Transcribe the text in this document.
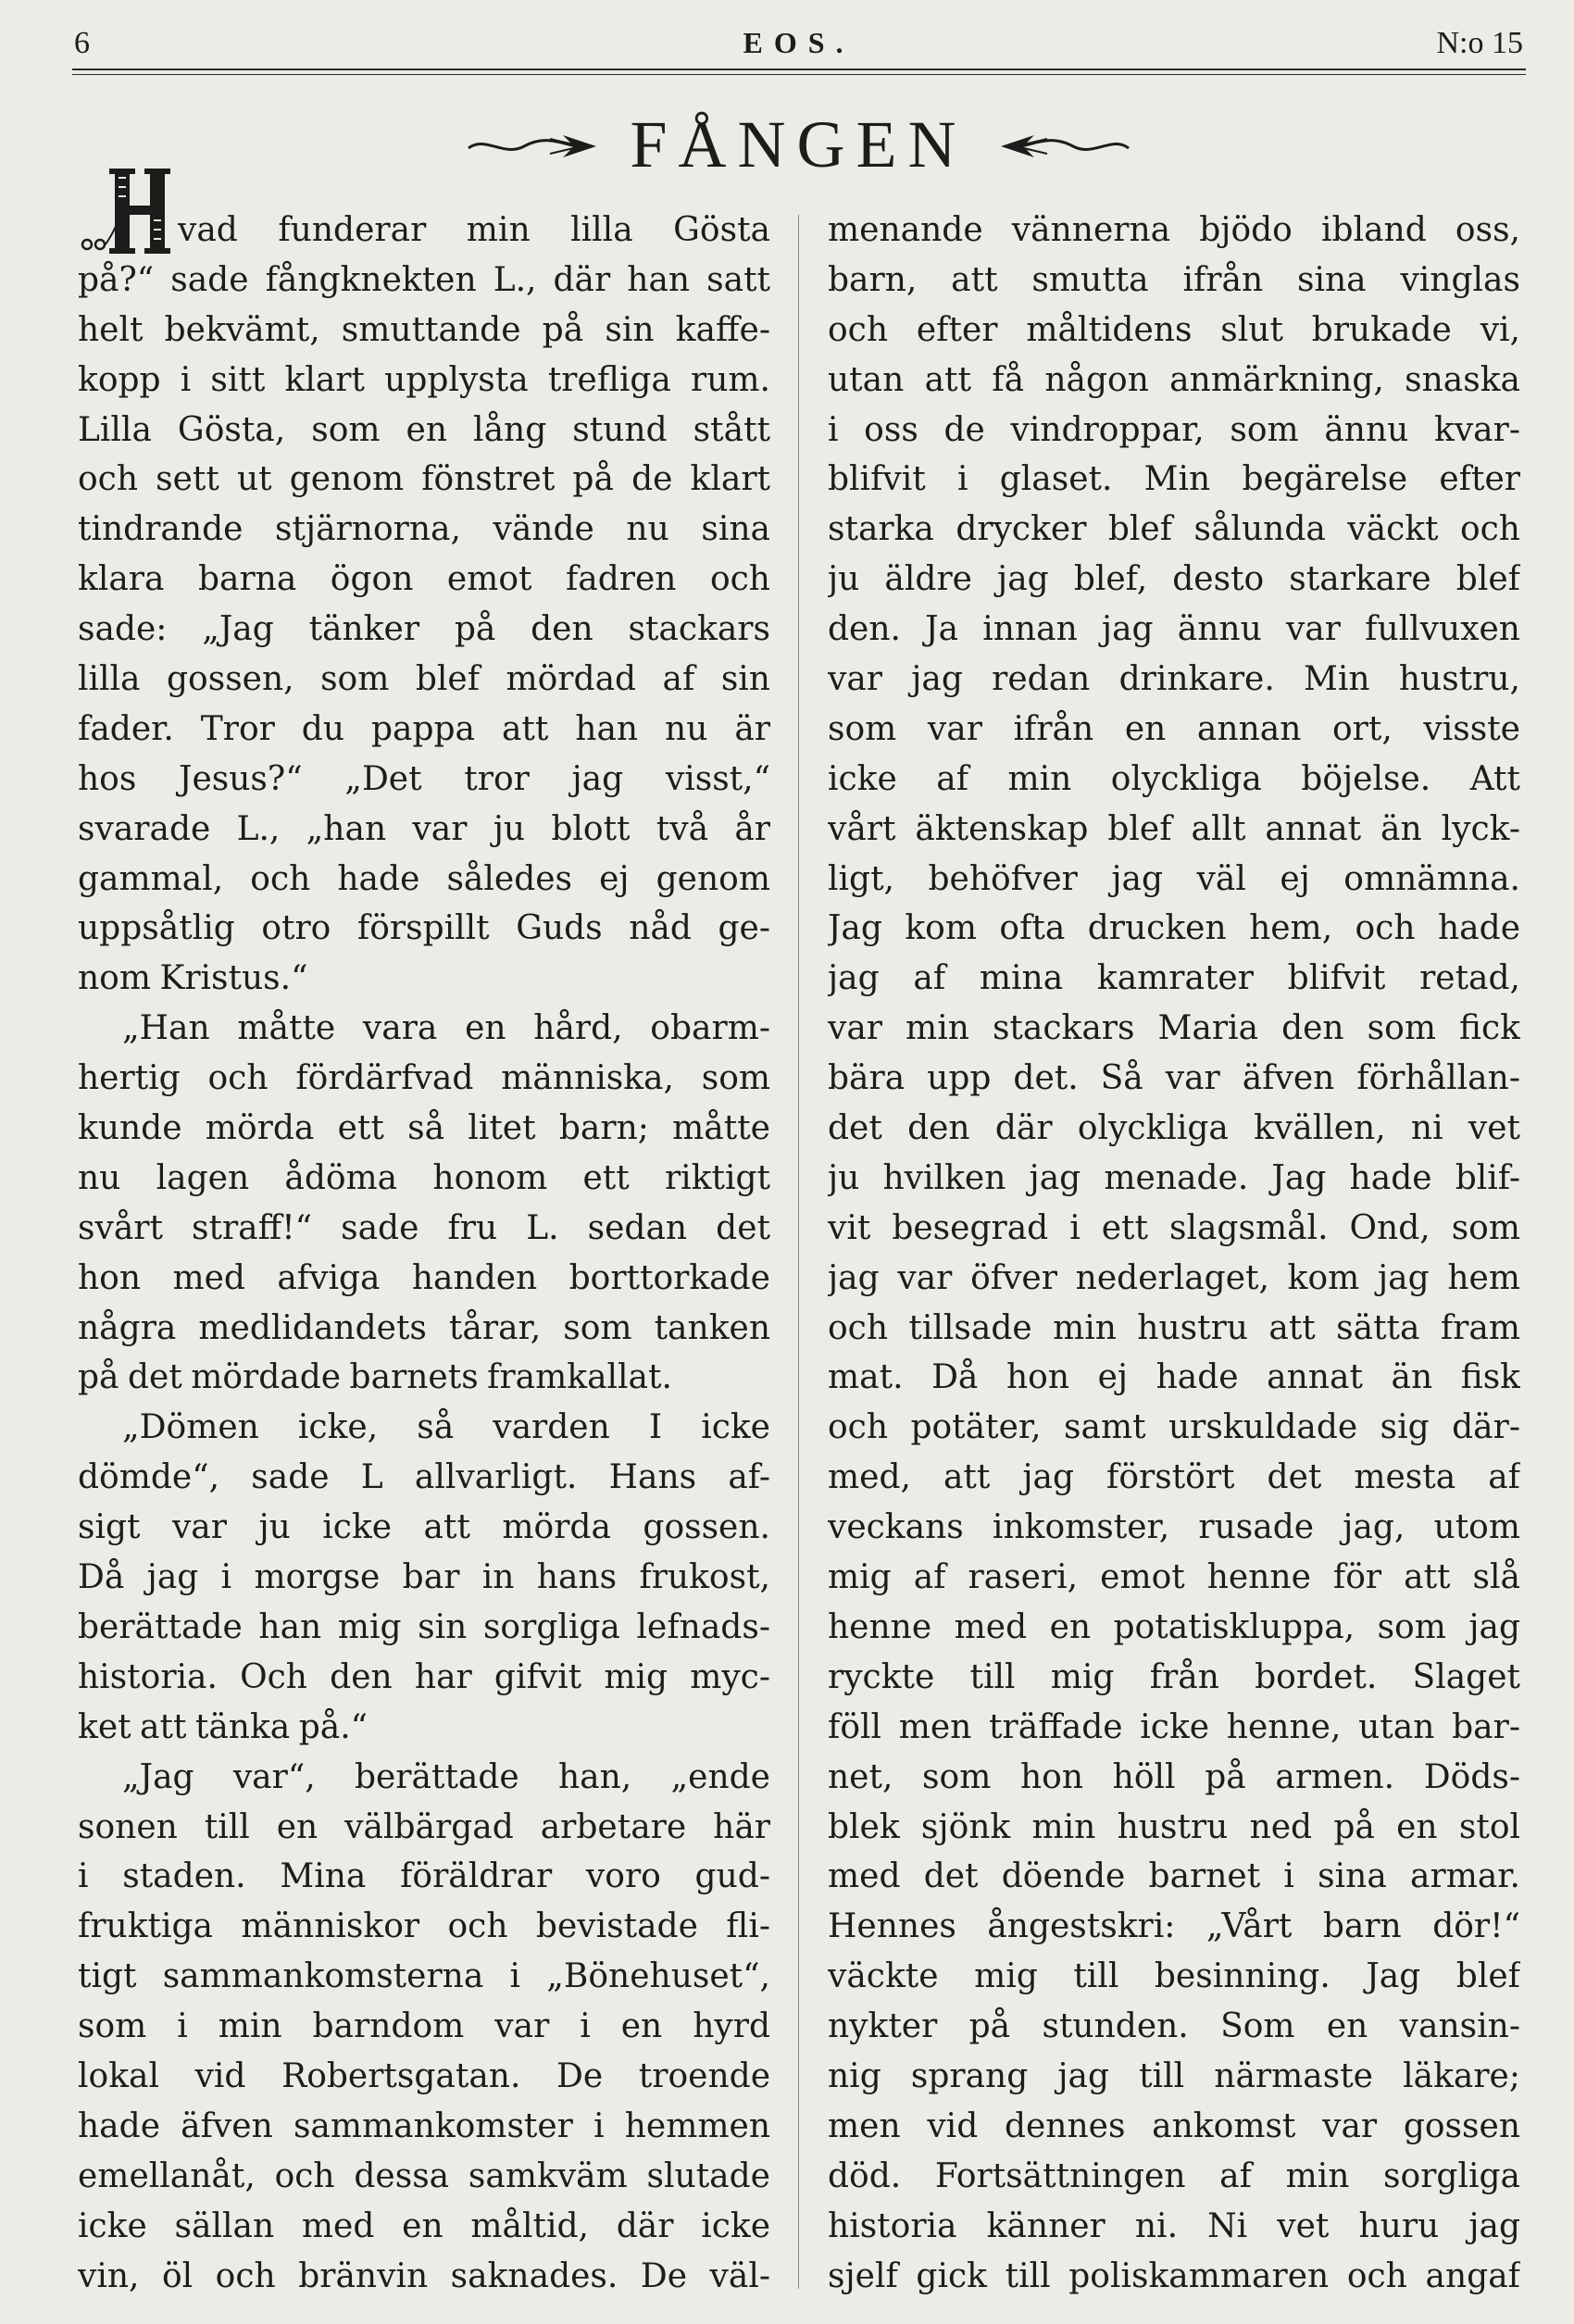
6	EOS.	N:o 15
FÅNGEN
vad funderar min lilla Gösta
på?“ sade fångknekten L., där han satt
helt bekvämt, smuttande på sin kaffe-
kopp i sitt klart upplysta trefliga rum.
Lilla Gösta, som en lång stund stått
och sett ut genom fönstret på de klart
tindrande stjärnorna, vände nu sina
klara barna ögon emot fadren och
sade: „Jag tänker på den stackars
lilla gossen, som blef mördad af sin
fader. Tror du pappa att han nu är
hos Jesus?“ „Det tror jag visst,“
svarade L., „han var ju blott två år
gammal, och hade således ej genom
uppsåtlig otro förspillt Guds nåd ge-
nom Kristus.“
„Han måtte vara en hård, obarm-
hertig och fördärfvad människa, som
kunde mörda ett så litet barn; måtte
nu lagen ådöma honom ett riktigt
svårt straff!“ sade fru L. sedan det
hon med afviga handen borttorkade
några medlidandets tårar, som tanken
på det mördade barnets framkallat.
„Dömen icke, så varden I icke
dömde“, sade L allvarligt. Hans af-
sigt var ju icke att mörda gossen.
Då jag i morgse bar in hans frukost,
berättade han mig sin sorgliga lefnads-
historia. Och den har gifvit mig myc-
ket att tänka på.“
„Jag var“, berättade han, „ende
sonen till en välbärgad arbetare här
i staden. Mina föräldrar voro gud-
fruktiga människor och bevistade fli-
tigt sammankomsterna i „Bönehuset“,
som i min barndom var i en hyrd
lokal vid Robertsgatan. De troende
hade äfven sammankomster i hemmen
emellanåt, och dessa samkväm slutade
icke sällan med en måltid, där icke
vin, öl och bränvin saknades. De väl-
menande vännerna bjödo ibland oss,
barn, att smutta ifrån sina vinglas
och efter måltidens slut brukade vi,
utan att få någon anmärkning, snaska
i oss de vindroppar, som ännu kvar-
blifvit i glaset. Min begärelse efter
starka drycker blef sålunda väckt och
ju äldre jag blef, desto starkare blef
den. Ja innan jag ännu var fullvuxen
var jag redan drinkare. Min hustru,
som var ifrån en annan ort, visste
icke af min olyckliga böjelse. Att
vårt äktenskap blef allt annat än lyck-
ligt, behöfver jag väl ej omnämna.
Jag kom ofta drucken hem, och hade
jag af mina kamrater blifvit retad,
var min stackars Maria den som fick
bära upp det. Så var äfven förhållan-
det den där olyckliga kvällen, ni vet
ju hvilken jag menade. Jag hade blif-
vit besegrad i ett slagsmål. Ond, som
jag var öfver nederlaget, kom jag hem
och tillsade min hustru att sätta fram
mat. Då hon ej hade annat än fisk
och potäter, samt urskuldade sig där-
med, att jag förstört det mesta af
veckans inkomster, rusade jag, utom
mig af raseri, emot henne för att slå
henne med en potatiskluppa, som jag
ryckte till mig från bordet. Slaget
föll men träffade icke henne, utan bar-
net, som hon höll på armen. Döds-
blek sjönk min hustru ned på en stol
med det döende barnet i sina armar.
Hennes ångestskri: „Vårt barn dör!“
väckte mig till besinning. Jag blef
nykter på stunden. Som en vansin-
nig sprang jag till närmaste läkare;
men vid dennes ankomst var gossen
död. Fortsättningen af min sorgliga
historia känner ni. Ni vet huru jag
sjelf gick till poliskammaren och angaf
